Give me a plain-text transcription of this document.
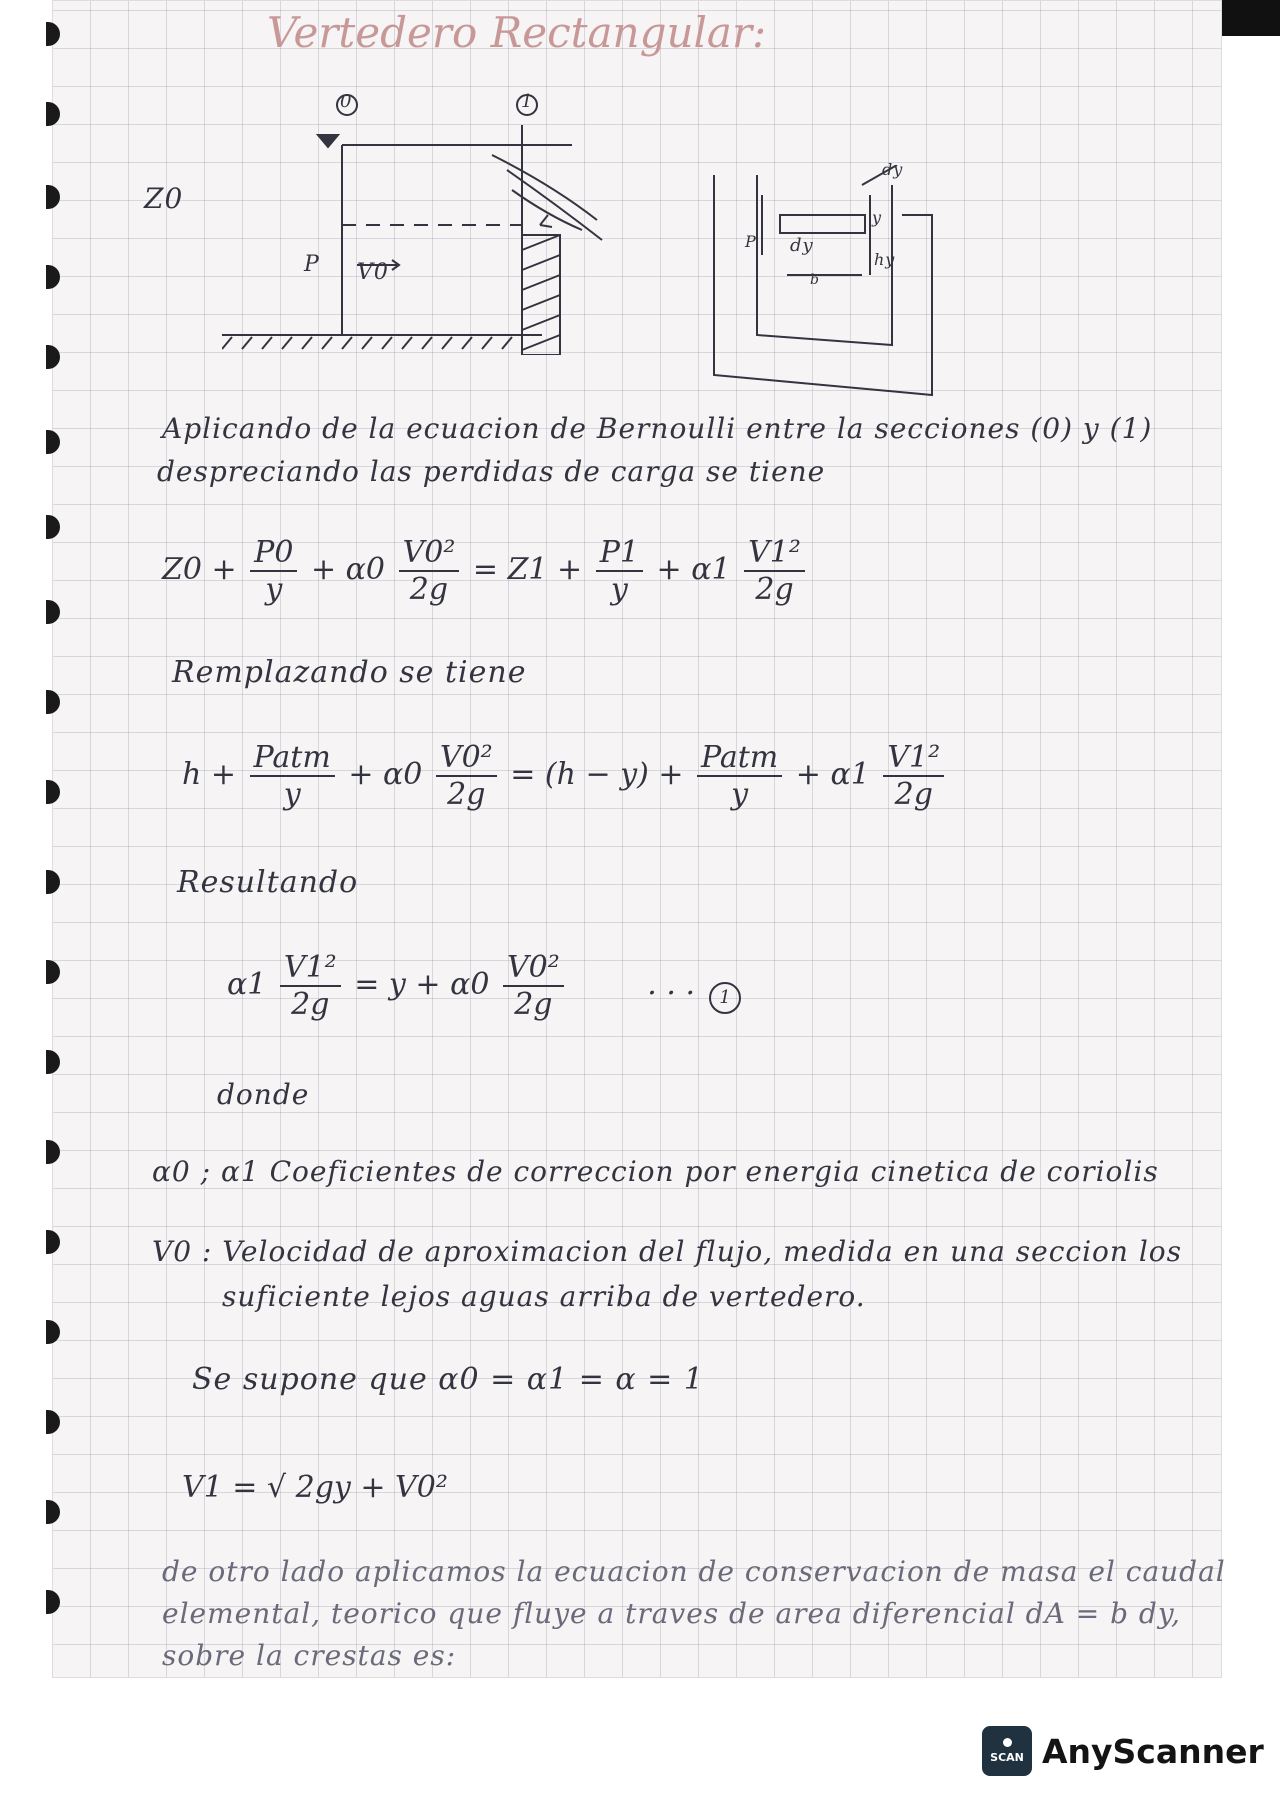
Vertedero Rectangular:
0	1
Z0
P V0
dy
dy
y
P
hy
b
Aplicando de la ecuacion de Bernoulli entre la secciones (0) y (1)
despreciando las perdidas de carga se tiene
$Z0 + \frac{P0}{y} + \alpha 0 \frac{\text{V0²}}{2g} = Z1 + \frac{P1}{y} + \alpha 1 \frac{\text{V1²}}{2g}$
Remplazando se tiene
$h + \frac{\text{Patm}}{y} + \alpha 0 \frac{\text{V0²}}{2g} = (h - y) + \frac{\text{Patm}}{y} + \alpha 1 \frac{\text{V1²}}{2g}$
Resultando
$\alpha 1 \frac{\text{V1²}}{2g} = y + \alpha 0 \frac{\text{V0²}}{2g}$	. . .	1
donde
α0 ; α1 Coeficientes de correccion por energia cinetica de coriolis
V0 : Velocidad de aproximacion del flujo, medida en una seccion los
suficiente lejos aguas arriba de vertedero.
Se supone que α0 = α1 = α = 1
V1 = √ 2gy + V0²
de otro lado aplicamos la ecuacion de conservacion de masa el caudal
elemental, teorico que fluye a traves de area diferencial dA = b dy,
sobre la crestas es:
SCAN AnyScanner
